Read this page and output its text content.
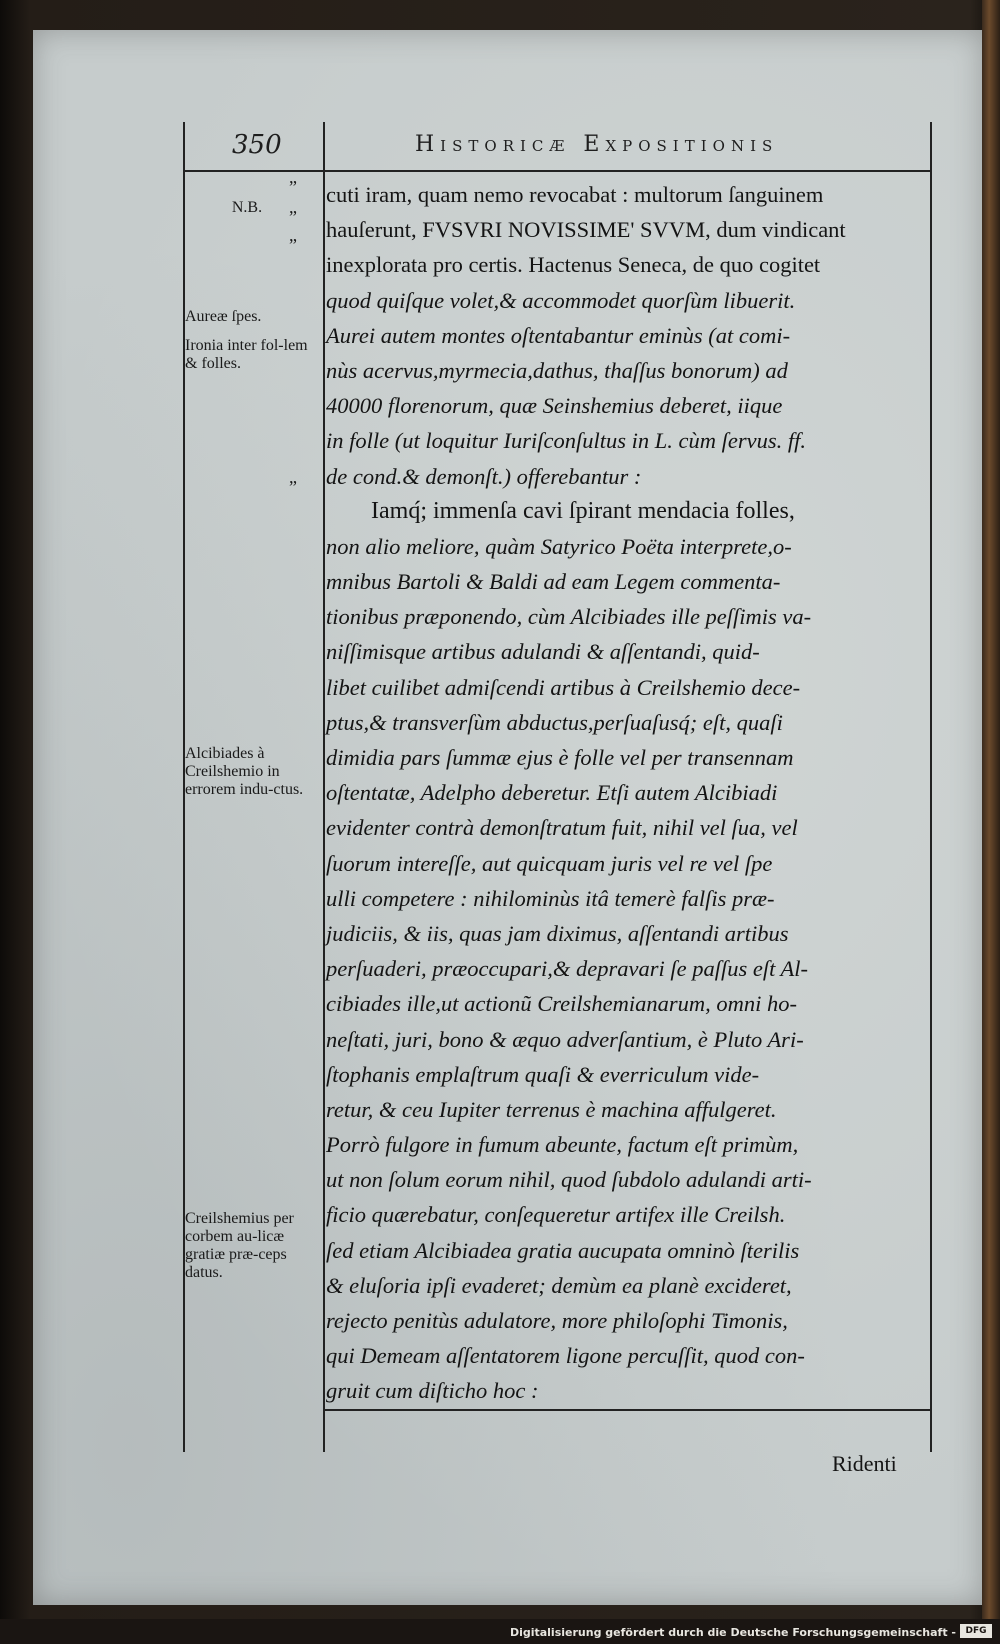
350	Historicæ Expositionis
”
”
”
”
N.B.
Aureæ ſpes.
Ironia inter fol-lem & folles.
Alcibiades à Creilshemio in errorem indu-ctus.
Creilshemius per corbem au-licæ gratiæ præ-ceps datus.
cuti iram, quam nemo revocabat : multorum ſanguinem
hauſerunt, FVSVRI NOVISSIME' SVVM, dum vindicant
inexplorata pro certis. Hactenus Seneca, de quo cogitet
quod quiſque volet,& accommodet quorſùm libuerit.
Aurei autem montes oſtentabantur eminùs (at comi-
nùs acervus,myrmecia,dathus, thaſſus bonorum) ad
40000 florenorum, quæ Seinshemius deberet, iique
in folle (ut loquitur Iuriſconſultus in L. cùm ſervus. ff.
de cond.& demonſt.) offerebantur :
Iamq́; immenſa cavi ſpirant mendacia folles,
non alio meliore, quàm Satyrico Poëta interprete,o-
mnibus Bartoli & Baldi ad eam Legem commenta-
tionibus præponendo, cùm Alcibiades ille peſſimis va-
niſſimisque artibus adulandi & aſſentandi, quid-
libet cuilibet admiſcendi artibus à Creilshemio dece-
ptus,& transverſùm abductus,perſuaſusq́; eſt, quaſi
dimidia pars ſummæ ejus è folle vel per transennam
oſtentatæ, Adelpho deberetur. Etſi autem Alcibiadi
evidenter contrà demonſtratum fuit, nihil vel ſua, vel
ſuorum intereſſe, aut quicquam juris vel re vel ſpe
ulli competere : nihilominùs itâ temerè falſis præ-
judiciis, & iis, quas jam diximus, aſſentandi artibus
perſuaderi, præoccupari,& depravari ſe paſſus eſt Al-
cibiades ille,ut actionũ Creilshemianarum, omni ho-
neſtati, juri, bono & æquo adverſantium, è Pluto Ari-
ſtophanis emplaſtrum quaſi & everriculum vide-
retur, & ceu Iupiter terrenus è machina affulgeret.
Porrò fulgore in fumum abeunte, factum eſt primùm,
ut non ſolum eorum nihil, quod ſubdolo adulandi arti-
ficio quærebatur, conſequeretur artifex ille Creilsh.
ſed etiam Alcibiadea gratia aucupata omninò ſterilis
& eluſoria ipſi evaderet; demùm ea planè excideret,
rejecto penitùs adulatore, more philoſophi Timonis,
qui Demeam aſſentatorem ligone percuſſit, quod con-
gruit cum diſticho hoc :
Ridenti
Digitalisierung gefördert durch die Deutsche Forschungsgemeinschaft -	DFG
